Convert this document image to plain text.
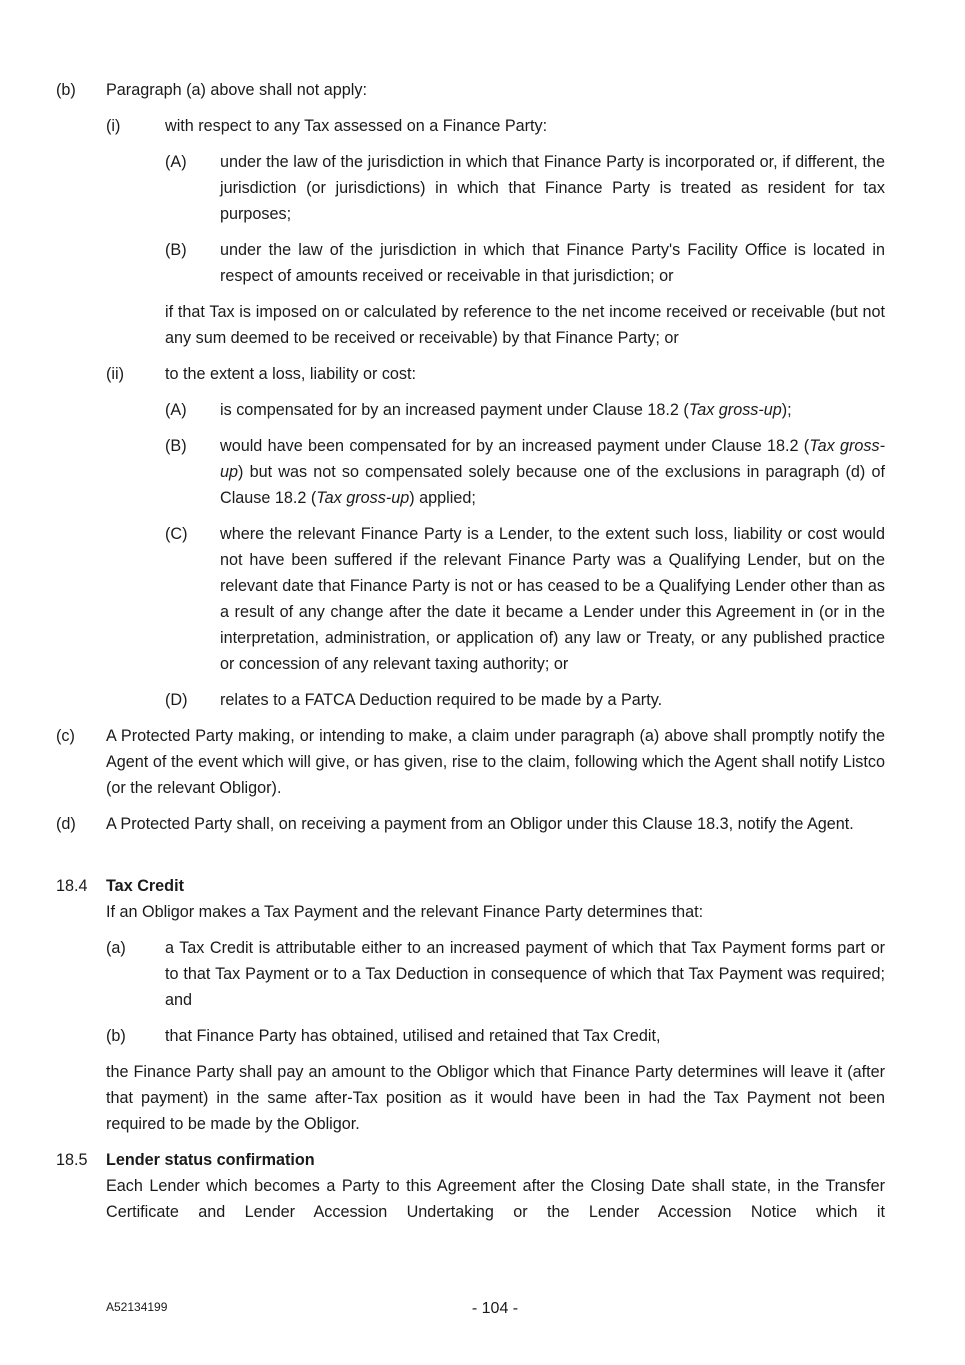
(b) Paragraph (a) above shall not apply:
(i)	with respect to any Tax assessed on a Finance Party:
(A) under the law of the jurisdiction in which that Finance Party is incorporated or, if different, the jurisdiction (or jurisdictions) in which that Finance Party is treated as resident for tax purposes;
(B) under the law of the jurisdiction in which that Finance Party's Facility Office is located in respect of amounts received or receivable in that jurisdiction; or
if that Tax is imposed on or calculated by reference to the net income received or receivable (but not any sum deemed to be received or receivable) by that Finance Party; or
(ii)	to the extent a loss, liability or cost:
(A) is compensated for by an increased payment under Clause 18.2 (Tax gross-up);
(B) would have been compensated for by an increased payment under Clause 18.2 (Tax gross-up) but was not so compensated solely because one of the exclusions in paragraph (d) of Clause 18.2 (Tax gross-up) applied;
(C) where the relevant Finance Party is a Lender, to the extent such loss, liability or cost would not have been suffered if the relevant Finance Party was a Qualifying Lender, but on the relevant date that Finance Party is not or has ceased to be a Qualifying Lender other than as a result of any change after the date it became a Lender under this Agreement in (or in the interpretation, administration, or application of) any law or Treaty, or any published practice or concession of any relevant taxing authority; or
(D) relates to a FATCA Deduction required to be made by a Party.
(c) A Protected Party making, or intending to make, a claim under paragraph (a) above shall promptly notify the Agent of the event which will give, or has given, rise to the claim, following which the Agent shall notify Listco (or the relevant Obligor).
(d) A Protected Party shall, on receiving a payment from an Obligor under this Clause 18.3, notify the Agent.
18.4 Tax Credit
If an Obligor makes a Tax Payment and the relevant Finance Party determines that:
(a) a Tax Credit is attributable either to an increased payment of which that Tax Payment forms part or to that Tax Payment or to a Tax Deduction in consequence of which that Tax Payment was required; and
(b) that Finance Party has obtained, utilised and retained that Tax Credit,
the Finance Party shall pay an amount to the Obligor which that Finance Party determines will leave it (after that payment) in the same after-Tax position as it would have been in had the Tax Payment not been required to be made by the Obligor.
18.5 Lender status confirmation
Each Lender which becomes a Party to this Agreement after the Closing Date shall state, in the Transfer Certificate and Lender Accession Undertaking or the Lender Accession Notice which it
A52134199	- 104 -
